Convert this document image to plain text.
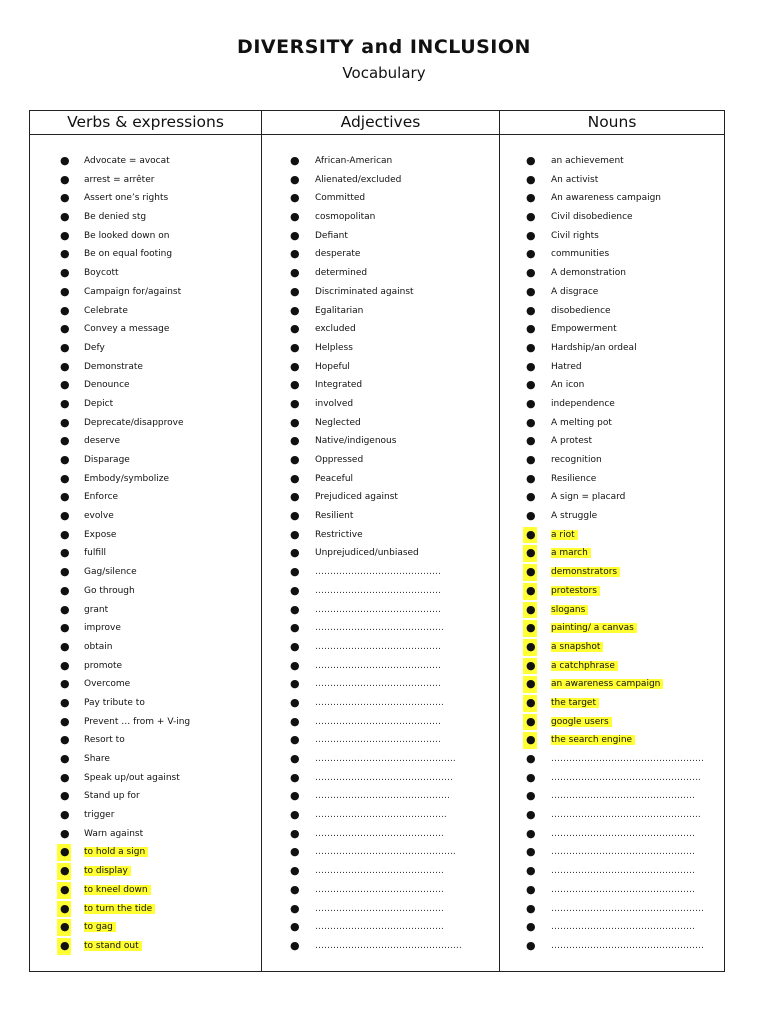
DIVERSITY and INCLUSION
Vocabulary
Verbs & expressions
● Advocate = avocat
● arrest = arrêter
● Assert one’s rights
● Be denied stg
● Be looked down on
● Be on equal footing
● Boycott
● Campaign for/against
● Celebrate
● Convey a message
● Defy
● Demonstrate
● Denounce
● Depict
● Deprecate/disapprove
● deserve
● Disparage
● Embody/symbolize
● Enforce
● evolve
● Expose
● fulfill
● Gag/silence
● Go through
● grant
● improve
● obtain
● promote
● Overcome
● Pay tribute to
● Prevent … from + V-ing
● Resort to
● Share
● Speak up/out against
● Stand up for
● trigger
● Warn against
● to hold a sign
● to display
● to kneel down
● to turn the tide
● to gag
● to stand out
Adjectives
● African-American
● Alienated/excluded
● Committed
● cosmopolitan
● Defiant
● desperate
● determined
● Discriminated against
● Egalitarian
● excluded
● Helpless
● Hopeful
● Integrated
● involved
● Neglected
● Native/indigenous
● Oppressed
● Peaceful
● Prejudiced against
● Resilient
● Restrictive
● Unprejudiced/unbiased
● ……………………………………
● ……………………………………
● ……………………………………
● …………………………………….
● ……………………………………
● ……………………………………
● ……………………………………
● …………………………………….
● ……………………………………
● ……………………………………
● ………………………………………..
● ……………………………………….
● ………………………………………
● ……………………………………..
● …………………………………….
● ………………………………………..
● …………………………………….
● …………………………………….
● …………………………………….
● …………………………………….
● ……………………………………….…
Nouns
● an achievement
● An activist
● An awareness campaign
● Civil disobedience
● Civil rights
● communities
● A demonstration
● A disgrace
● disobedience
● Empowerment
● Hardship/an ordeal
● Hatred
● An icon
● independence
● A melting pot
● A protest
● recognition
● Resilience
● A sign = placard
● A struggle
● a riot
● a march
● demonstrators
● protestors
● slogans
● painting/ a canvas
● a snapshot
● a catchphrase
● an awareness campaign
● the target
● google users
● the search engine
● ……………………………………………
● …………………………………………..
● …………………………………………
● …………………………………………..
● …………………………………………
● …………………………………………
● …………………………………………
● …………………………………………
● ……………………………………………
● …………………………………………
● ……………………………………………
